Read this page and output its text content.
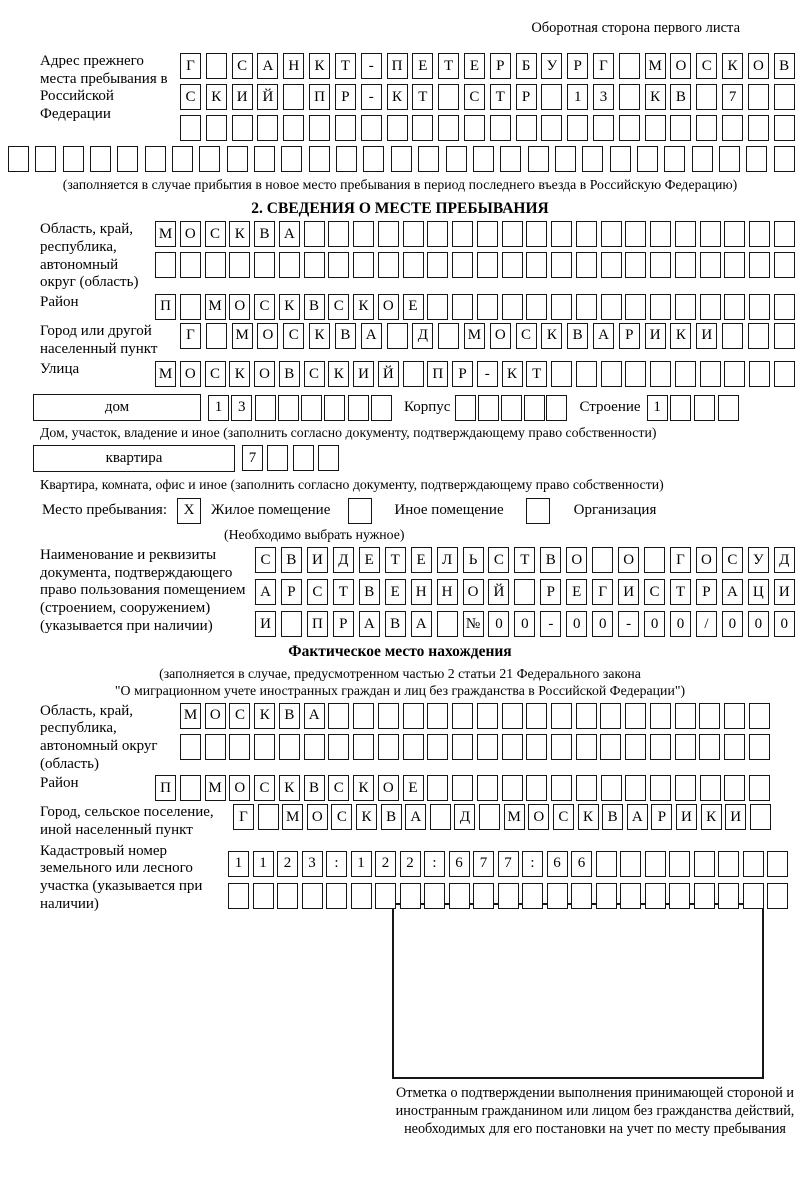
Оборотная сторона первого листа
Адрес прежнего места пребывания в Российской Федерации
Г	С	А Н	К	Т	-	П	Е	Т	Е	Р	Б	У	Р	Г	М О	С	К	О	В
С	К	И Й	П	Р	-	К	Т	С	Т	Р	1	3	К	В	7
(заполняется в случае прибытия в новое место пребывания в период последнего въезда в Российскую Федерацию)
2. СВЕДЕНИЯ О МЕСТЕ ПРЕБЫВАНИЯ
Область, край, республика, автономный округ (область)
М О С К В А
Район	П	М О С К В С К О Е
Город или другой населенный пункт
Г	М О	С	К	В	А	Д	М О	С	К	В	А	Р	И	К	И
Улица	М О С К О В С К И Й	П	Р	-	К	Т
дом	1	3	Корпус	Строение 1
Дом, участок, владение и иное (заполнить согласно документу, подтверждающему право собственности)
квартира	7
Квартира, комната, офис и иное (заполнить согласно документу, подтверждающему право собственности)
Место пребывания:	X	Жилое помещение	Иное помещение	Организация
(Необходимо выбрать нужное)
Наименование и реквизиты документа, подтверждающего право пользования помещением (строением, сооружением) (указывается при наличии)
С	В	И	Д	Е	Т	Е	Л	Ь	С	Т	В	О	О	Г	О	С	У	Д
А	Р	С	Т	В	Е	Н	Н	О	Й	Р	Е	Г	И	С	Т	Р	А	Ц	И
И	П	Р	А	В	А	№	0	0	-	0	0	-	0	0	/	0	0	0
Фактическое место нахождения
(заполняется в случае, предусмотренном частью 2 статьи 21 Федерального закона
"О миграционном учете иностранных граждан и лиц без гражданства в Российской Федерации")
Область, край, республика, автономный округ (область)
М О С К В А
Район	П	М О С К В С К О Е
Город, сельское поселение, иной населенный пункт
Г	М О С К В А	Д	М О С К В А	Р	И К И
Кадастровый номер земельного или лесного участка (указывается при наличии)
1	1	2	3	:	1	2	2	:	6	7	7	:	6	6
Отметка о подтверждении выполнения принимающей стороной и иностранным гражданином или лицом без гражданства действий, необходимых для его постановки на учет по месту пребывания
